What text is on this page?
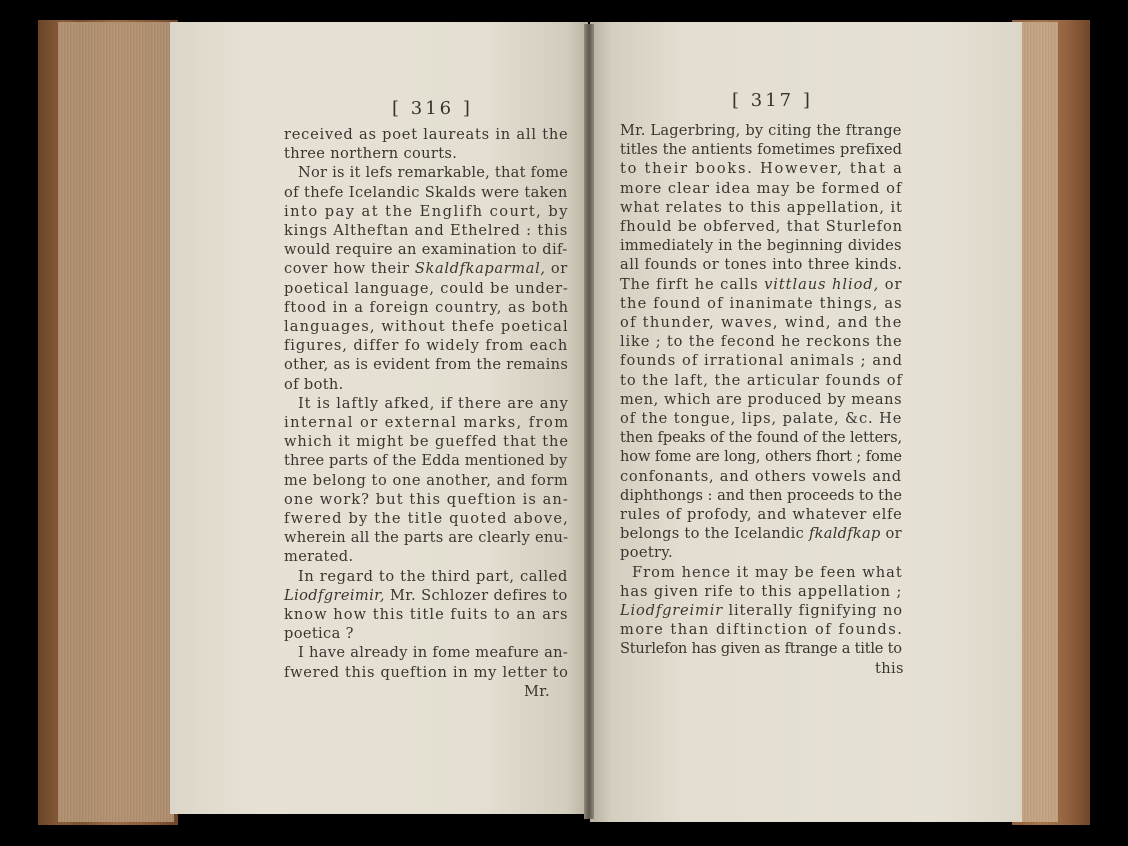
[ 316 ]
received as poet laureats in all the
three northern courts.
Nor is it lefs remarkable, that fome
of thefe Icelandic Skalds were taken
into pay at the Englifh court, by
kings Altheftan and Ethelred : this
would require an examination to dif-
cover how their Skaldfkaparmal, or
poetical language, could be under-
ftood in a foreign country, as both
languages, without thefe poetical
figures, differ fo widely from each
other, as is evident from the remains
of both.
It is laftly afked, if there are any
internal or external marks, from
which it might be gueffed that the
three parts of the Edda mentioned by
me belong to one another, and form
one work? but this queftion is an-
fwered by the title quoted above,
wherein all the parts are clearly enu-
merated.
In regard to the third part, called
Liodfgreimir, Mr. Schlozer defires to
know how this title fuits to an ars
poetica ?
I have already in fome meafure an-
fwered this queftion in my letter to
Mr.
[ 317 ]
Mr. Lagerbring, by citing the ftrange
titles the antients fometimes prefixed
to their books. However, that a
more clear idea may be formed of
what relates to this appellation, it
fhould be obferved, that Sturlefon
immediately in the beginning divides
all founds or tones into three kinds.
The firft he calls vittlaus hliod, or
the found of inanimate things, as
of thunder, waves, wind, and the
like ; to the fecond he reckons the
founds of irrational animals ; and
to the laft, the articular founds of
men, which are produced by means
of the tongue, lips, palate, &c. He
then fpeaks of the found of the letters,
how fome are long, others fhort ; fome
confonants, and others vowels and
diphthongs : and then proceeds to the
rules of profody, and whatever elfe
belongs to the Icelandic fkaldfkap or
poetry.
From hence it may be feen what
has given rife to this appellation ;
Liodfgreimir literally fignifying no
more than diftinction of founds.
Sturlefon has given as ftrange a title to
this
